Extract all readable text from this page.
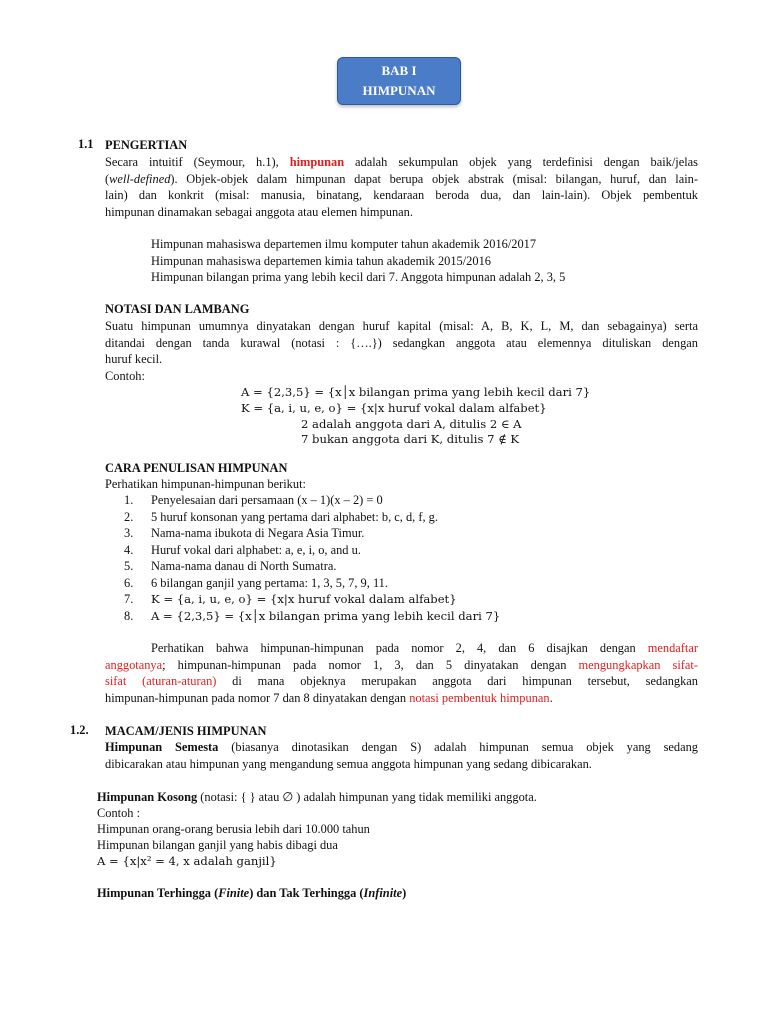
BAB I
HIMPUNAN
1.1 PENGERTIAN
Secara intuitif (Seymour, h.1), himpunan adalah sekumpulan objek yang terdefinisi dengan baik/jelas
(well-defined). Objek-objek dalam himpunan dapat berupa objek abstrak (misal: bilangan, huruf, dan lain-
lain) dan konkrit (misal: manusia, binatang, kendaraan beroda dua, dan lain-lain). Objek pembentuk
himpunan dinamakan sebagai anggota atau elemen himpunan.
Himpunan mahasiswa departemen ilmu komputer tahun akademik 2016/2017
Himpunan mahasiswa departemen kimia tahun akademik 2015/2016
Himpunan bilangan prima yang lebih kecil dari 7. Anggota himpunan adalah 2, 3, 5
NOTASI DAN LAMBANG
Suatu himpunan umumnya dinyatakan dengan huruf kapital (misal: A, B, K, L, M, dan sebagainya) serta
ditandai dengan tanda kurawal (notasi : {….}) sedangkan anggota atau elemennya dituliskan dengan
huruf kecil.
Contoh:
A = {2,3,5} = {x│x bilangan prima yang lebih kecil dari 7}
K = {a, i, u, e, o} = {x|x huruf vokal dalam alfabet}
2 adalah anggota dari A, ditulis 2 ∈ A
7 bukan anggota dari K, ditulis 7 ∉ K
CARA PENULISAN HIMPUNAN
Perhatikan himpunan-himpunan berikut:
1.	Penyelesaian dari persamaan (x – 1)(x – 2) = 0
2.	5 huruf konsonan yang pertama dari alphabet: b, c, d, f, g.
3.	Nama-nama ibukota di Negara Asia Timur.
4.	Huruf vokal dari alphabet: a, e, i, o, and u.
5.	Nama-nama danau di North Sumatra.
6.	6 bilangan ganjil yang pertama: 1, 3, 5, 7, 9, 11.
7.	K = {a, i, u, e, o} = {x|x huruf vokal dalam alfabet}
8.	A = {2,3,5} = {x│x bilangan prima yang lebih kecil dari 7}
Perhatikan bahwa himpunan-himpunan pada nomor 2, 4, dan 6 disajkan dengan mendaftar
anggotanya; himpunan-himpunan pada nomor 1, 3, dan 5 dinyatakan dengan mengungkapkan sifat-
sifat (aturan-aturan) di mana objeknya merupakan anggota dari himpunan tersebut, sedangkan
himpunan-himpunan pada nomor 7 dan 8 dinyatakan dengan notasi pembentuk himpunan.
1.2. MACAM/JENIS HIMPUNAN
Himpunan Semesta (biasanya dinotasikan dengan S) adalah himpunan semua objek yang sedang
dibicarakan atau himpunan yang mengandung semua anggota himpunan yang sedang dibicarakan.
Himpunan Kosong (notasi: { } atau ∅ ) adalah himpunan yang tidak memiliki anggota.
Contoh :
Himpunan orang-orang berusia lebih dari 10.000 tahun
Himpunan bilangan ganjil yang habis dibagi dua
A = {x|x² = 4, x adalah ganjil}
Himpunan Terhingga (Finite) dan Tak Terhingga (Infinite)
